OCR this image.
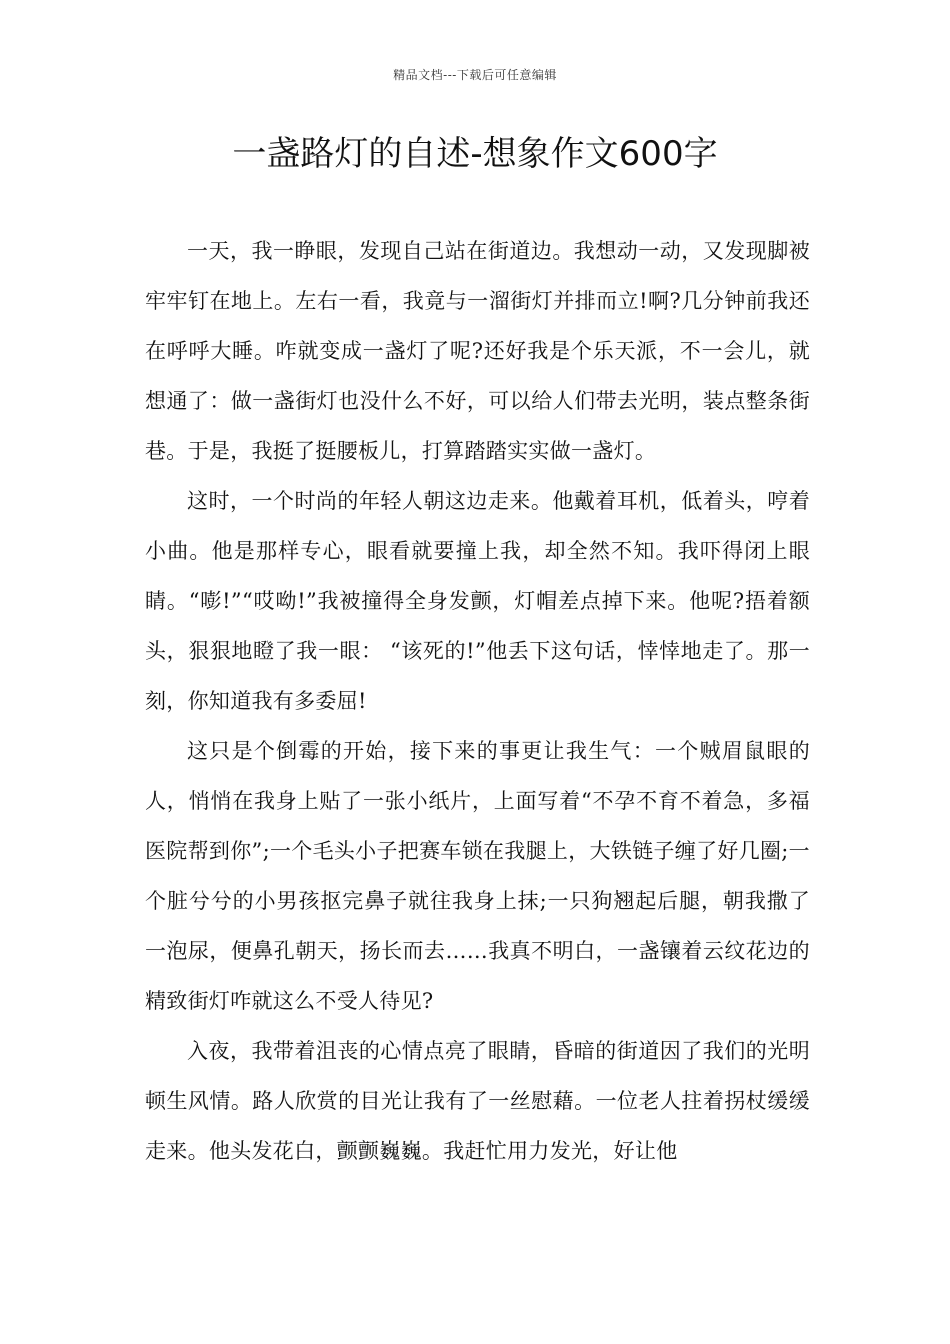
精品文档---下载后可任意编辑
一盏路灯的自述-想象作文600字

一天，我一睁眼，发现自己站在街道边。我想动一动，又发现脚被牢牢钉在地上。左右一看，我竟与一溜街灯并排而立!啊?几分钟前我还在呼呼大睡。咋就变成一盏灯了呢?还好我是个乐天派，不一会儿，就想通了：做一盏街灯也没什么不好，可以给人们带去光明，装点整条街巷。于是，我挺了挺腰板儿，打算踏踏实实做一盏灯。

这时，一个时尚的年轻人朝这边走来。他戴着耳机，低着头，哼着小曲。他是那样专心，眼看就要撞上我，却全然不知。我吓得闭上眼睛。“嘭!”“哎呦!”我被撞得全身发颤，灯帽差点掉下来。他呢?捂着额头，狠狠地瞪了我一眼： “该死的!”他丢下这句话，悻悻地走了。那一刻，你知道我有多委屈!

这只是个倒霉的开始，接下来的事更让我生气：一个贼眉鼠眼的人，悄悄在我身上贴了一张小纸片，上面写着“不孕不育不着急，多福医院帮到你”;一个毛头小子把赛车锁在我腿上，大铁链子缠了好几圈;一个脏兮兮的小男孩抠完鼻子就往我身上抹;一只狗翘起后腿，朝我撒了一泡尿，便鼻孔朝天，扬长而去……我真不明白，一盏镶着云纹花边的精致街灯咋就这么不受人待见?

入夜，我带着沮丧的心情点亮了眼睛，昏暗的街道因了我们的光明顿生风情。路人欣赏的目光让我有了一丝慰藉。一位老人拄着拐杖缓缓走来。他头发花白，颤颤巍巍。我赶忙用力发光，好让他
